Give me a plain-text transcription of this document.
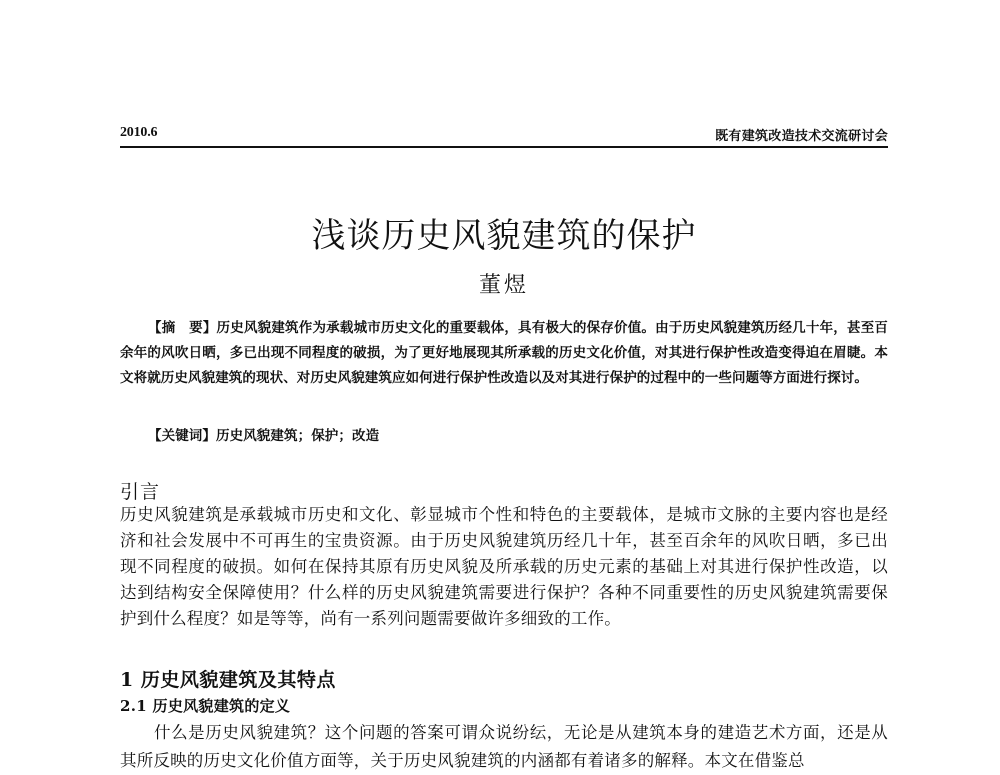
2010.6	既有建筑改造技术交流研讨会
浅谈历史风貌建筑的保护
董煜

【摘　要】历史风貌建筑作为承载城市历史文化的重要载体，具有极大的保存价值。由于历史风貌建筑历经几十年，甚至百余年的风吹日晒，多已出现不同程度的破损，为了更好地展现其所承载的历史文化价值，对其进行保护性改造变得迫在眉睫。本文将就历史风貌建筑的现状、对历史风貌建筑应如何进行保护性改造以及对其进行保护的过程中的一些问题等方面进行探讨。

【关键词】历史风貌建筑；保护；改造
引言

历史风貌建筑是承载城市历史和文化、彰显城市个性和特色的主要载体，是城市文脉的主要内容也是经济和社会发展中不可再生的宝贵资源。由于历史风貌建筑历经几十年，甚至百余年的风吹日晒，多已出现不同程度的破损。如何在保持其原有历史风貌及所承载的历史元素的基础上对其进行保护性改造，以达到结构安全保障使用？什么样的历史风貌建筑需要进行保护？各种不同重要性的历史风貌建筑需要保护到什么程度？如是等等，尚有一系列问题需要做许多细致的工作。

1 历史风貌建筑及其特点
2.1 历史风貌建筑的定义

什么是历史风貌建筑？这个问题的答案可谓众说纷纭，无论是从建筑本身的建造艺术方面，还是从其所反映的历史文化价值方面等，关于历史风貌建筑的内涵都有着诸多的解释。本文在借鉴总
